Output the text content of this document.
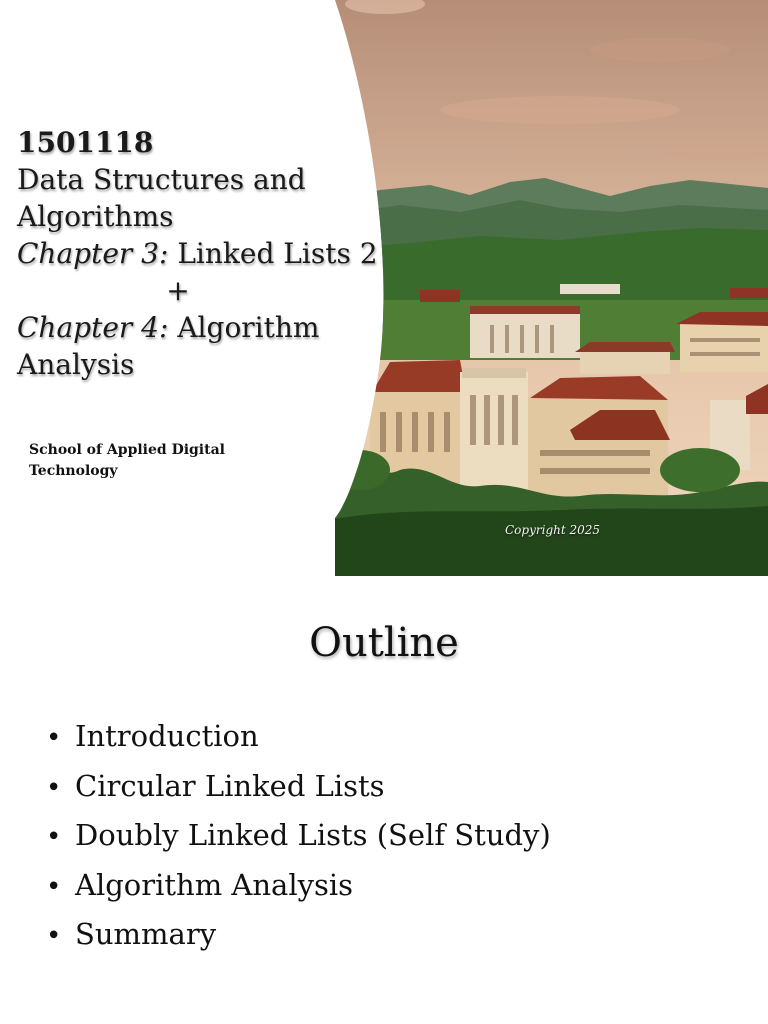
1501118
Data Structures and
Algorithms
Chapter 3: Linked Lists 2
+
Chapter 4: Algorithm
Analysis
School of Applied Digital
Technology
Copyright 2025
Outline
• Introduction
• Circular Linked Lists
• Doubly Linked Lists (Self Study)
• Algorithm Analysis
• Summary
